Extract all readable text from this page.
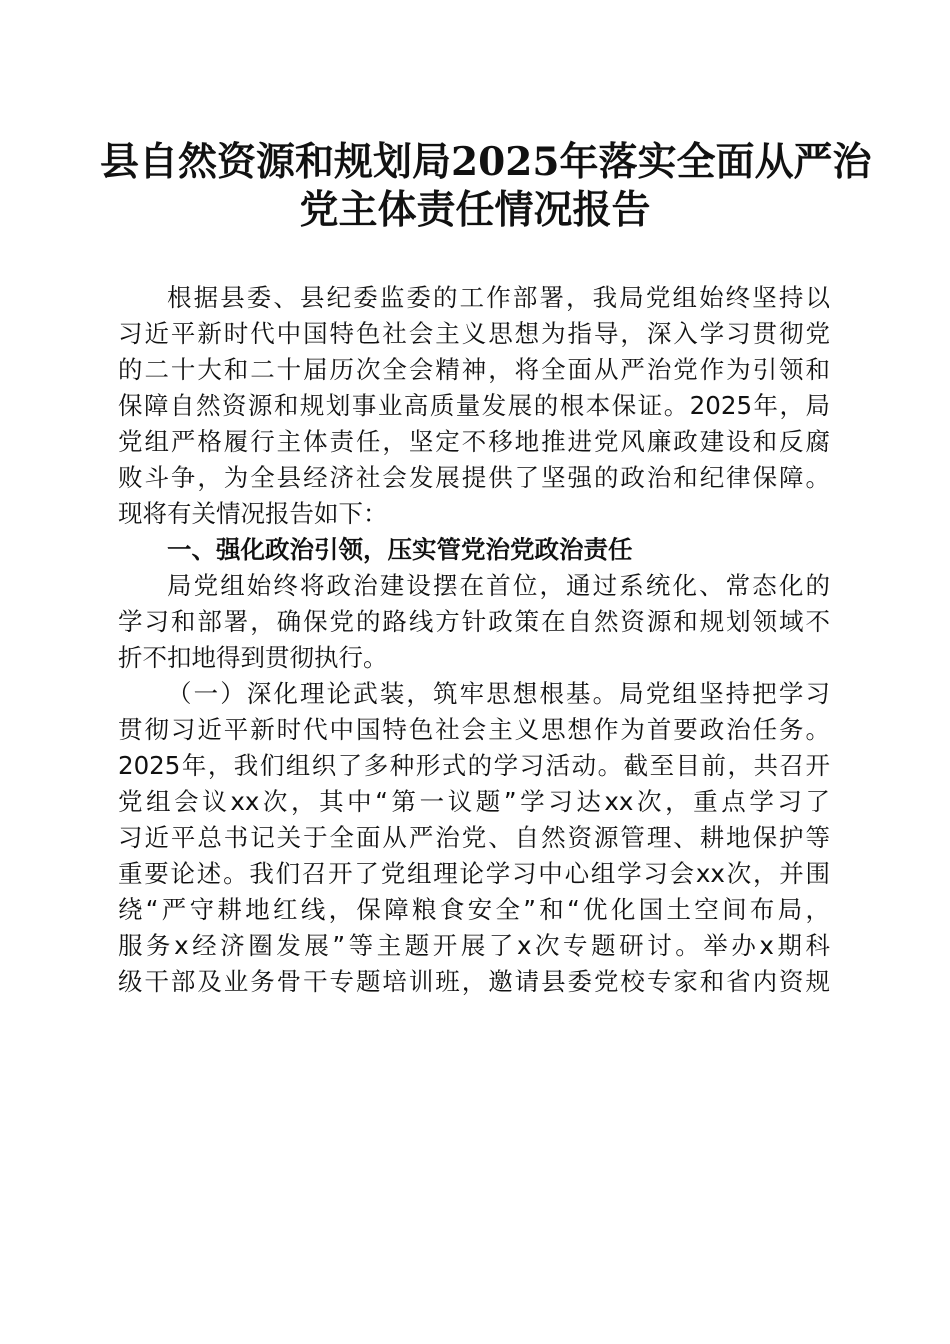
县自然资源和规划局2025年落实全面从严治
党主体责任情况报告
根据县委、县纪委监委的工作部署，我局党组始终坚持以
习近平新时代中国特色社会主义思想为指导，深入学习贯彻党
的二十大和二十届历次全会精神，将全面从严治党作为引领和
保障自然资源和规划事业高质量发展的根本保证。2025年，局
党组严格履行主体责任，坚定不移地推进党风廉政建设和反腐
败斗争，为全县经济社会发展提供了坚强的政治和纪律保障。
现将有关情况报告如下：
一、强化政治引领，压实管党治党政治责任
局党组始终将政治建设摆在首位，通过系统化、常态化的
学习和部署，确保党的路线方针政策在自然资源和规划领域不
折不扣地得到贯彻执行。
（一）深化理论武装，筑牢思想根基。局党组坚持把学习
贯彻习近平新时代中国特色社会主义思想作为首要政治任务。
2025年，我们组织了多种形式的学习活动。截至目前，共召开
党组会议xx次，其中“第一议题”学习达xx次，重点学习了
习近平总书记关于全面从严治党、自然资源管理、耕地保护等
重要论述。我们召开了党组理论学习中心组学习会xx次，并围
绕“严守耕地红线，保障粮食安全”和“优化国土空间布局，
服务x经济圈发展”等主题开展了x次专题研讨。举办x期科
级干部及业务骨干专题培训班，邀请县委党校专家和省内资规
